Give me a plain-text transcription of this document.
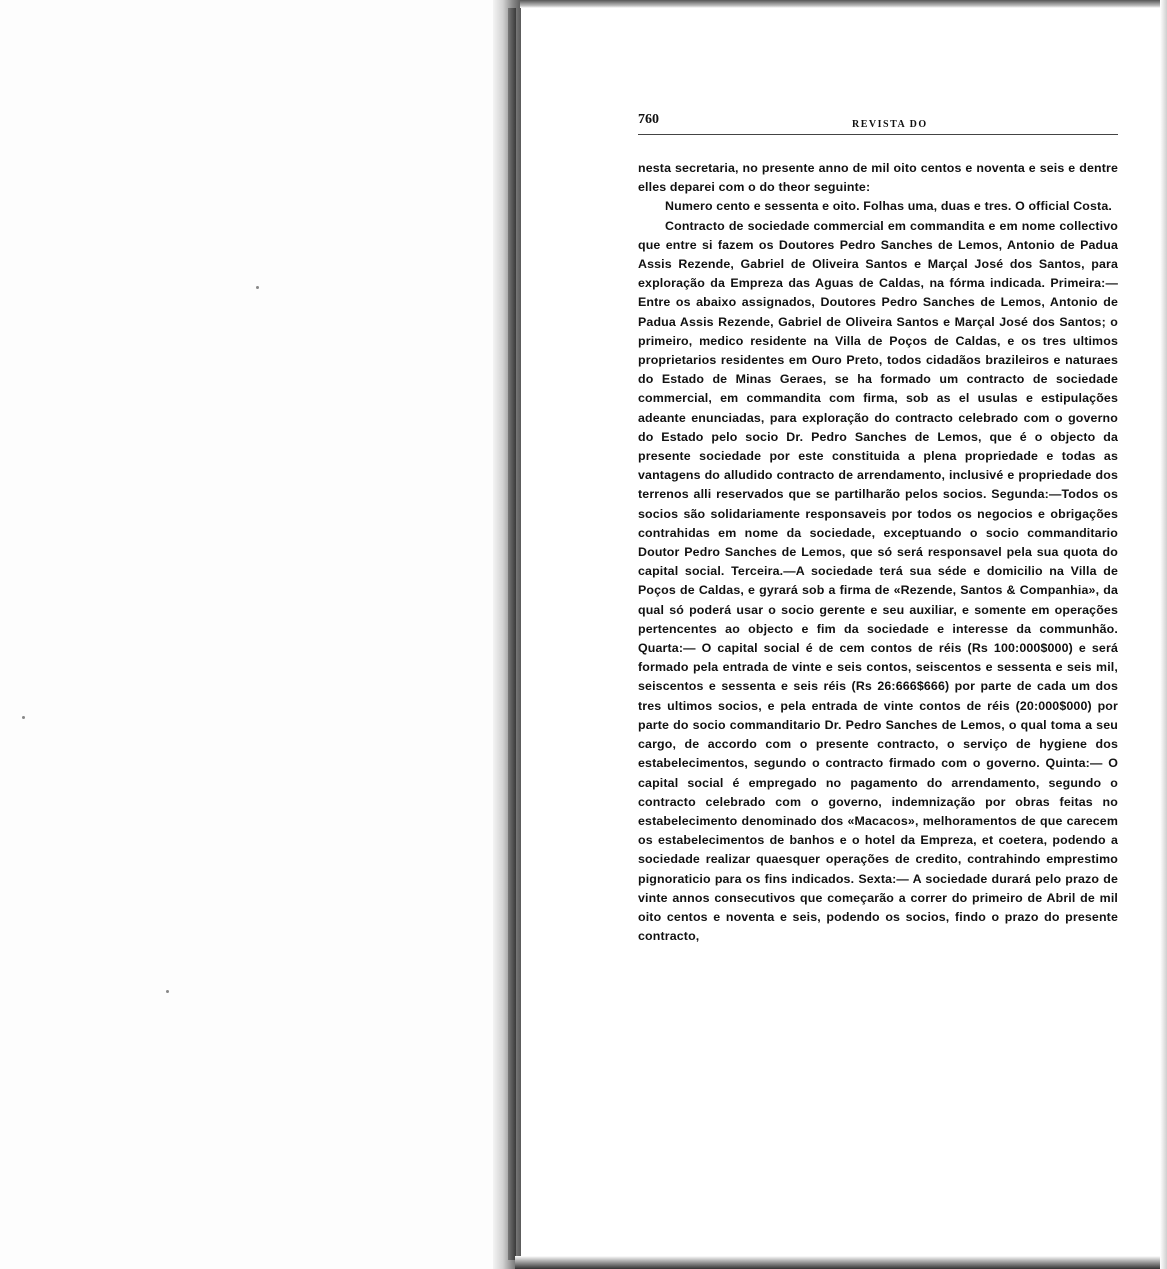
760	REVISTA DO

nesta secretaria, no presente anno de mil oito centos e noventa e seis e dentre elles deparei com o do theor seguinte:

Numero cento e sessenta e oito. Folhas uma, duas e tres. O official Costa.

Contracto de sociedade commercial em commandita e em nome collectivo que entre si fazem os Doutores Pedro Sanches de Lemos, Antonio de Padua Assis Rezende, Gabriel de Oliveira Santos e Marçal José dos Santos, para exploração da Empreza das Aguas de Caldas, na fórma indicada. Primeira:—Entre os abaixo assignados, Doutores Pedro Sanches de Lemos, Antonio de Padua Assis Rezende, Gabriel de Oliveira Santos e Marçal José dos Santos; o primeiro, medico residente na Villa de Poços de Caldas, e os tres ultimos proprietarios residentes em Ouro Preto, todos cidadãos brazileiros e naturaes do Estado de Minas Geraes, se ha formado um contracto de sociedade commercial, em commandita com firma, sob as el usulas e estipulações adeante enunciadas, para exploração do contracto celebrado com o governo do Estado pelo socio Dr. Pedro Sanches de Lemos, que é o objecto da presente sociedade por este constituida a plena propriedade e todas as vantagens do alludido contracto de arrendamento, inclusivé e propriedade dos terrenos alli reservados que se partilharão pelos socios. Segunda:—Todos os socios são solidariamente responsaveis por todos os negocios e obrigações contrahidas em nome da sociedade, exceptuando o socio commanditario Doutor Pedro Sanches de Lemos, que só será responsavel pela sua quota do capital social. Terceira.—A sociedade terá sua séde e domicilio na Villa de Poços de Caldas, e gyrará sob a firma de «Rezende, Santos & Companhia», da qual só poderá usar o socio gerente e seu auxiliar, e somente em operações pertencentes ao objecto e fim da sociedade e interesse da communhão. Quarta:— O capital social é de cem contos de réis (Rs 100:000$000) e será formado pela entrada de vinte e seis contos, seiscentos e sessenta e seis mil, seiscentos e sessenta e seis réis (Rs 26:666$666) por parte de cada um dos tres ultimos socios, e pela entrada de vinte contos de réis (20:000$000) por parte do socio commanditario Dr. Pedro Sanches de Lemos, o qual toma a seu cargo, de accordo com o presente contracto, o serviço de hygiene dos estabelecimentos, segundo o contracto firmado com o governo. Quinta:— O capital social é empregado no pagamento do arrendamento, segundo o contracto celebrado com o governo, indemnização por obras feitas no estabelecimento denominado dos «Macacos», melhoramentos de que carecem os estabelecimentos de banhos e o hotel da Empreza, et coetera, podendo a sociedade realizar quaesquer operações de credito, contrahindo emprestimo pignoraticio para os fins indicados. Sexta:— A sociedade durará pelo prazo de vinte annos consecutivos que começarão a correr do primeiro de Abril de mil oito centos e noventa e seis, podendo os socios, findo o prazo do presente contracto,
